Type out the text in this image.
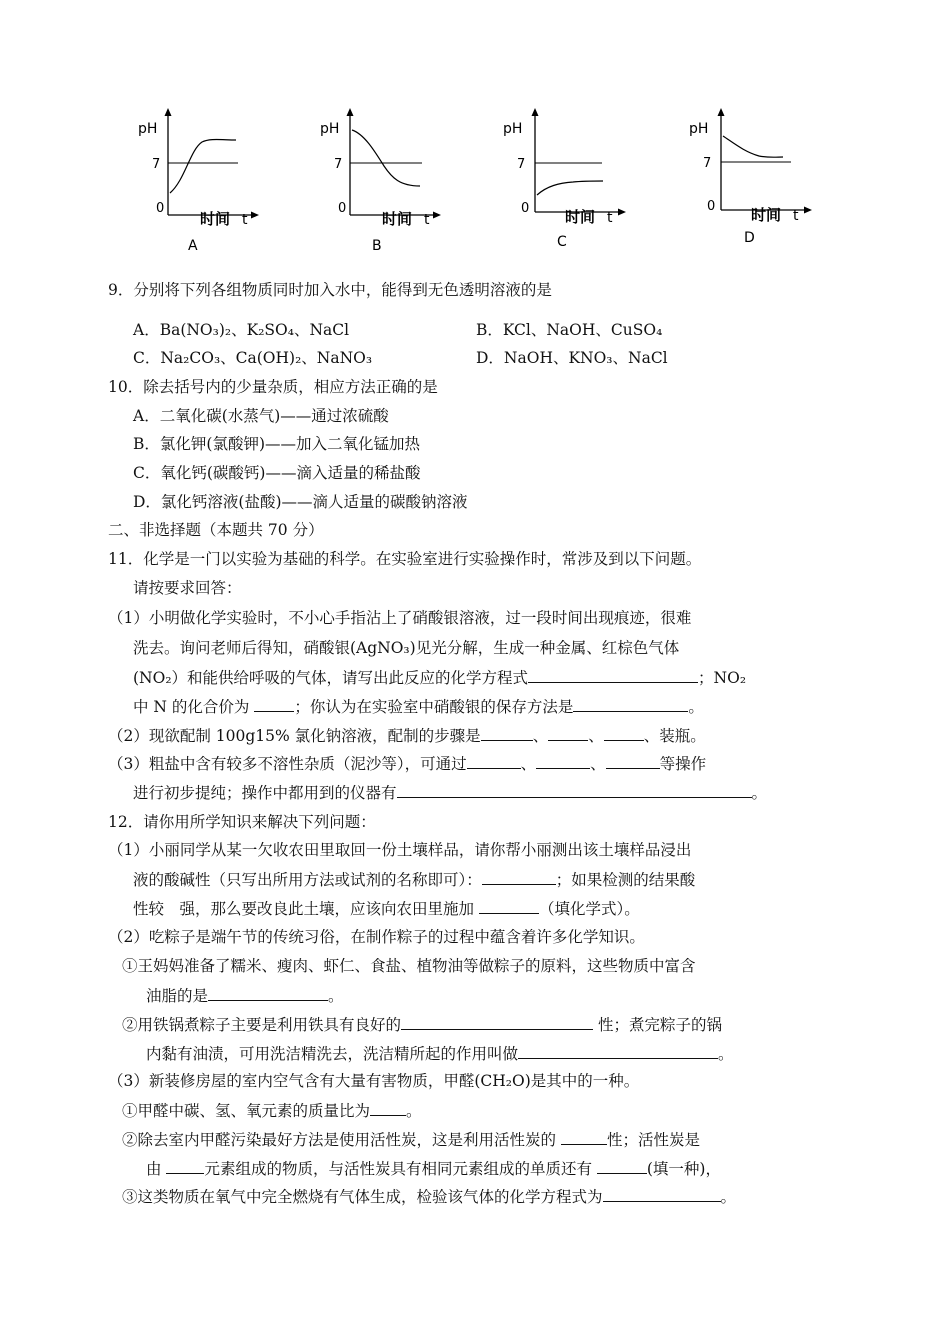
pH
7
0
时间 t
A
pH
7
0
时间 t
B
pH
7
0 时间 t
C
pH
7
0 时间 t
D
9．分别将下列各组物质同时加入水中，能得到无色透明溶液的是
A．Ba(NO₃)₂、K₂SO₄、NaCl	B．KCl、NaOH、CuSO₄
C．Na₂CO₃、Ca(OH)₂、NaNO₃	D．NaOH、KNO₃、NaCl
10．除去括号内的少量杂质，相应方法正确的是
A．二氧化碳(水蒸气)——通过浓硫酸
B．氯化钾(氯酸钾)——加入二氧化锰加热
C．氧化钙(碳酸钙)——滴入适量的稀盐酸
D．氯化钙溶液(盐酸)——滴人适量的碳酸钠溶液
二、非选择题（本题共 70 分）
11．化学是一门以实验为基础的科学。在实验室进行实验操作时，常涉及到以下问题。
请按要求回答：
（1）小明做化学实验时，不小心手指沾上了硝酸银溶液，过一段时间出现痕迹，很难
洗去。询问老师后得知，硝酸银(AgNO₃)见光分解，生成一种金属、红棕色气体
(NO₂）和能供给呼吸的气体，请写出此反应的化学方程式	；NO₂
中 N 的化合价为	；你认为在实验室中硝酸银的保存方法是	。
（2）现欲配制 100g15% 氯化钠溶液，配制的步骤是	、	、	、装瓶。
（3）粗盐中含有较多不溶性杂质（泥沙等），可通过	、	、	等操作
进行初步提纯；操作中都用到的仪器有	。
12．请你用所学知识来解决下列问题：
（1）小丽同学从某一欠收农田里取回一份土壤样品，请你帮小丽测出该土壤样品浸出
液的酸碱性（只写出所用方法或试剂的名称即可）：	；如果检测的结果酸
性较　强，那么要改良此土壤，应该向农田里施加	（填化学式）。
（2）吃粽子是端午节的传统习俗，在制作粽子的过程中蕴含着许多化学知识。
①王妈妈准备了糯米、瘦肉、虾仁、食盐、植物油等做粽子的原料，这些物质中富含
油脂的是	。
②用铁锅煮粽子主要是利用铁具有良好的	性；煮完粽子的锅
内黏有油渍，可用洗洁精洗去，洗洁精所起的作用叫做	。
（3）新装修房屋的室内空气含有大量有害物质，甲醛(CH₂O)是其中的一种。
①甲醛中碳、氢、氧元素的质量比为 。
②除去室内甲醛污染最好方法是使用活性炭，这是利用活性炭的	性；活性炭是
由 元素组成的物质，与活性炭具有相同元素组成的单质还有	(填一种)，
③这类物质在氧气中完全燃烧有气体生成，检验该气体的化学方程式为	。
